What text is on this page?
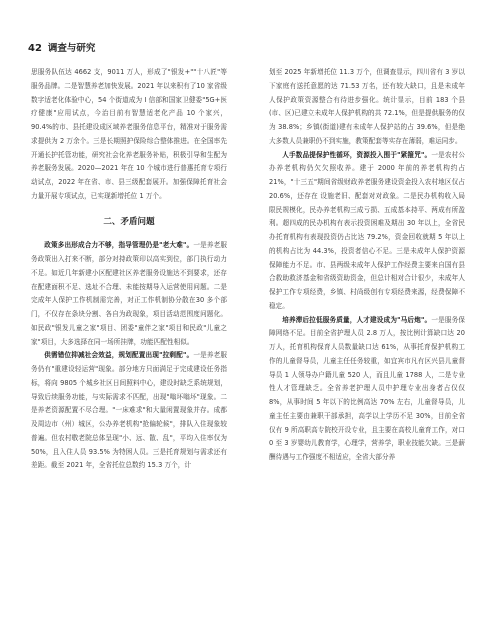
42 调查与研究

思服务队伍达 4662 支，9011 万人，形成了"银发+""十八匠"等服务品牌。二是智慧养老加快发展。2021 年以来积有了10 家省级数字适老化体验中心，54 个街道成为 I 信部和国家卫健委"5G+医疗健康"应用试点，今治目前有智慧适老化产品 10 个家兴，90.4%的市、县托建设成区域养老服务信息平台，精准对于服务需求提供为 2 万余个。三是长期照护保险综合整体推进。在全国率先开通长护托管功能，研究社会化养老服务补贴，积极引导和生配为养老服务发展。2020—2021 年在 10 个城市进行普惠托育专项行动试点，2022 年在省、市、县三级配套展开。加强保障托育社会力量开展专项试点，已实现新增托位 1 万个。

二、矛盾问题

政策多出形成合力不够，指导管理仍是"老大难"。一是养老服务政策出入打来不断，部分对持政策印以高实到位，部门执行动力不足。如近几年新建小区配建社区养老服务设施达不到要求，还存在配建面积不足、选址不合理、未能按期导入运营使用问题。二是完成年人保护工作机制需完善，对正工作机制协分散在30 多个部门，不仅存在条块分割、各自为政现象，项目活动范围度问题化。如民政"银发儿童之家"项目、团委"童伴之家"项目和民政"儿童之家"项目，大多选择在同一场所挂牌，功能匹配性相似。

供需错位抑减社会效益，规划配置出现"拉剩配"。一是养老服务仍有"重建设轻运营"现象。部分地方只面满足于完成建设任务指标，将向 9805 个城乡社区日间照料中心，建设时缺乏系统规划，导致后续服务功能，与实际需求不匹配，出现"嗡坏嗡坏"现象。二是养老资源配置不尽合理。"一床难求"和大量闲置现象并存。成都及周边市（州）城区，公办养老机构"抢偏轮候"，排队入住现象较普遍。但农村敬老院总体呈现"小、远、散、乱"，平均入住率仅为 50%，且入住人员 93.5% 为特困人员。三是托育规划与需求还有差距。截至 2021 年，全省托位总数约 15.3 万个，计

划至 2025 年新增托位 11.3 万个，但调查显示，四川省有 3 岁以下家庭有送托意愿的达 71.53 万名，还有较大缺口，且是未成年人保护政策资源整合有待进步强化。统计显示，目前 183 个县(市、区)已建立未成年人保护机构的共 72.1%，但是提供服务的仅为 38.8%；乡镇(街道)建有未成年人保护站的占 39.6%，但是绝大多数人员兼职仍不到实施，教策配套等实存在薄弱，难运同步。

人手数品提保护性循环，资源投入围于"紧箍咒"。一是农村公办养老机构仍欠欠照收养。建于 2000 年前的养老机构约占 21%，"十三五"期间省级财政养老服务建设资金投入农村地区仅占 20.6%，还存在 设施老旧、配套对对政象。二是民办机构收入局限民规模化，民办养老机构三成亏损、五成基本持平、两成有所盈利。超四成的民办机构有表示投资困难及期出 30 年以上，全省民办托育机构有表现投资仍占比达 79.2%，资金回收就期 5 年以上的机构占比为 44.3%，投资者信心不足。三是未成年人保护资源保障能力不足。市、县两级未成年人保护工作经费主要来自国有县合救助救济基金和省级资助资金，但总计相对合计很少，未成年人保护工作专项经费，乡镇、村尚级创有专项经费来源，经费保障不稳定。

培养滞后拉低服务质量，人才建设成为"马后炮"。一是服务保障网络不足。目前全省护理人员 2.8 万人，按比例计算缺口达 20 万人，托育机构保育人员数量缺口达 61%，从事托育保护机构工作的儿童督导员，儿童主任任务较重，如宜宾市凡有区兴县儿童督导员 1 人领导办户籍儿童 520 人，而且儿童 1788 人，二是专业性人才管理缺乏。全省养老护理人员中护理专业出身者占仅仅 8%，从事时间 5 年以下的比例高达 70% 左右，儿童督导员，儿童主任主要由兼职干部承担，高学以上学历不足 30%，目前全省仅有 9 所高职高专院校开设专业，且主要在高校儿童育工作，对口 0 至 3 岁婴幼儿教育学，心理学，营养学，职业技能欠缺。三是薪酬待遇与工作强度不相适应，全省大部分养
